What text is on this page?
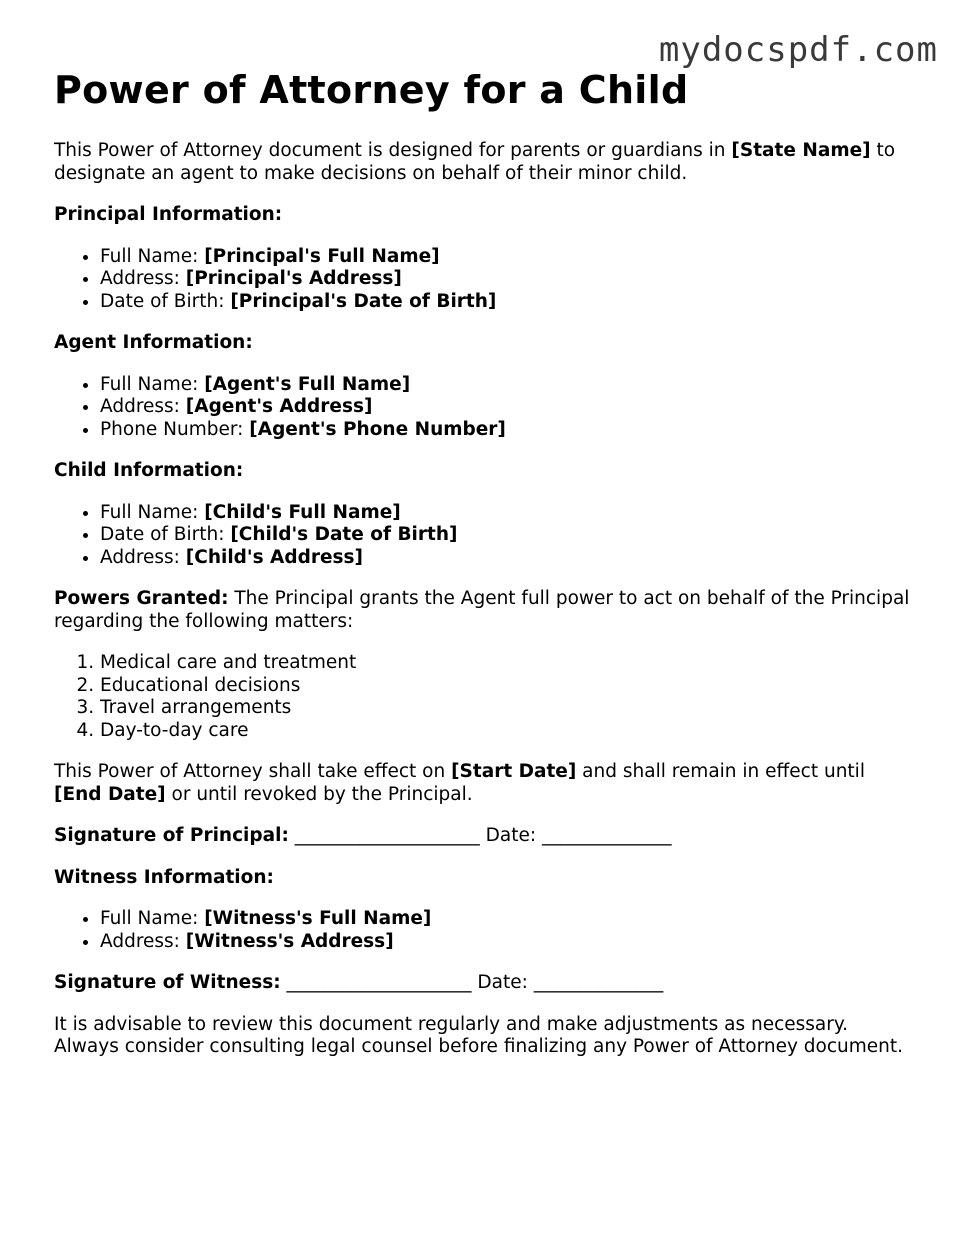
mydocspdf.com
Power of Attorney for a Child

This Power of Attorney document is designed for parents or guardians in [State Name] to designate an agent to make decisions on behalf of their minor child.

Principal Information:

• Full Name: [Principal's Full Name]
• Address: [Principal's Address]
• Date of Birth: [Principal's Date of Birth]

Agent Information:

• Full Name: [Agent's Full Name]
• Address: [Agent's Address]
• Phone Number: [Agent's Phone Number]

Child Information:

• Full Name: [Child's Full Name]
• Date of Birth: [Child's Date of Birth]
• Address: [Child's Address]

Powers Granted: The Principal grants the Agent full power to act on behalf of the Principal regarding the following matters:

1. Medical care and treatment
2. Educational decisions
3. Travel arrangements
4. Day-to-day care

This Power of Attorney shall take effect on [Start Date] and shall remain in effect until [End Date] or until revoked by the Principal.

Signature of Principal: ____________________ Date: ______________

Witness Information:

• Full Name: [Witness's Full Name]
• Address: [Witness's Address]

Signature of Witness: ____________________ Date: ______________

It is advisable to review this document regularly and make adjustments as necessary. Always consider consulting legal counsel before finalizing any Power of Attorney document.
